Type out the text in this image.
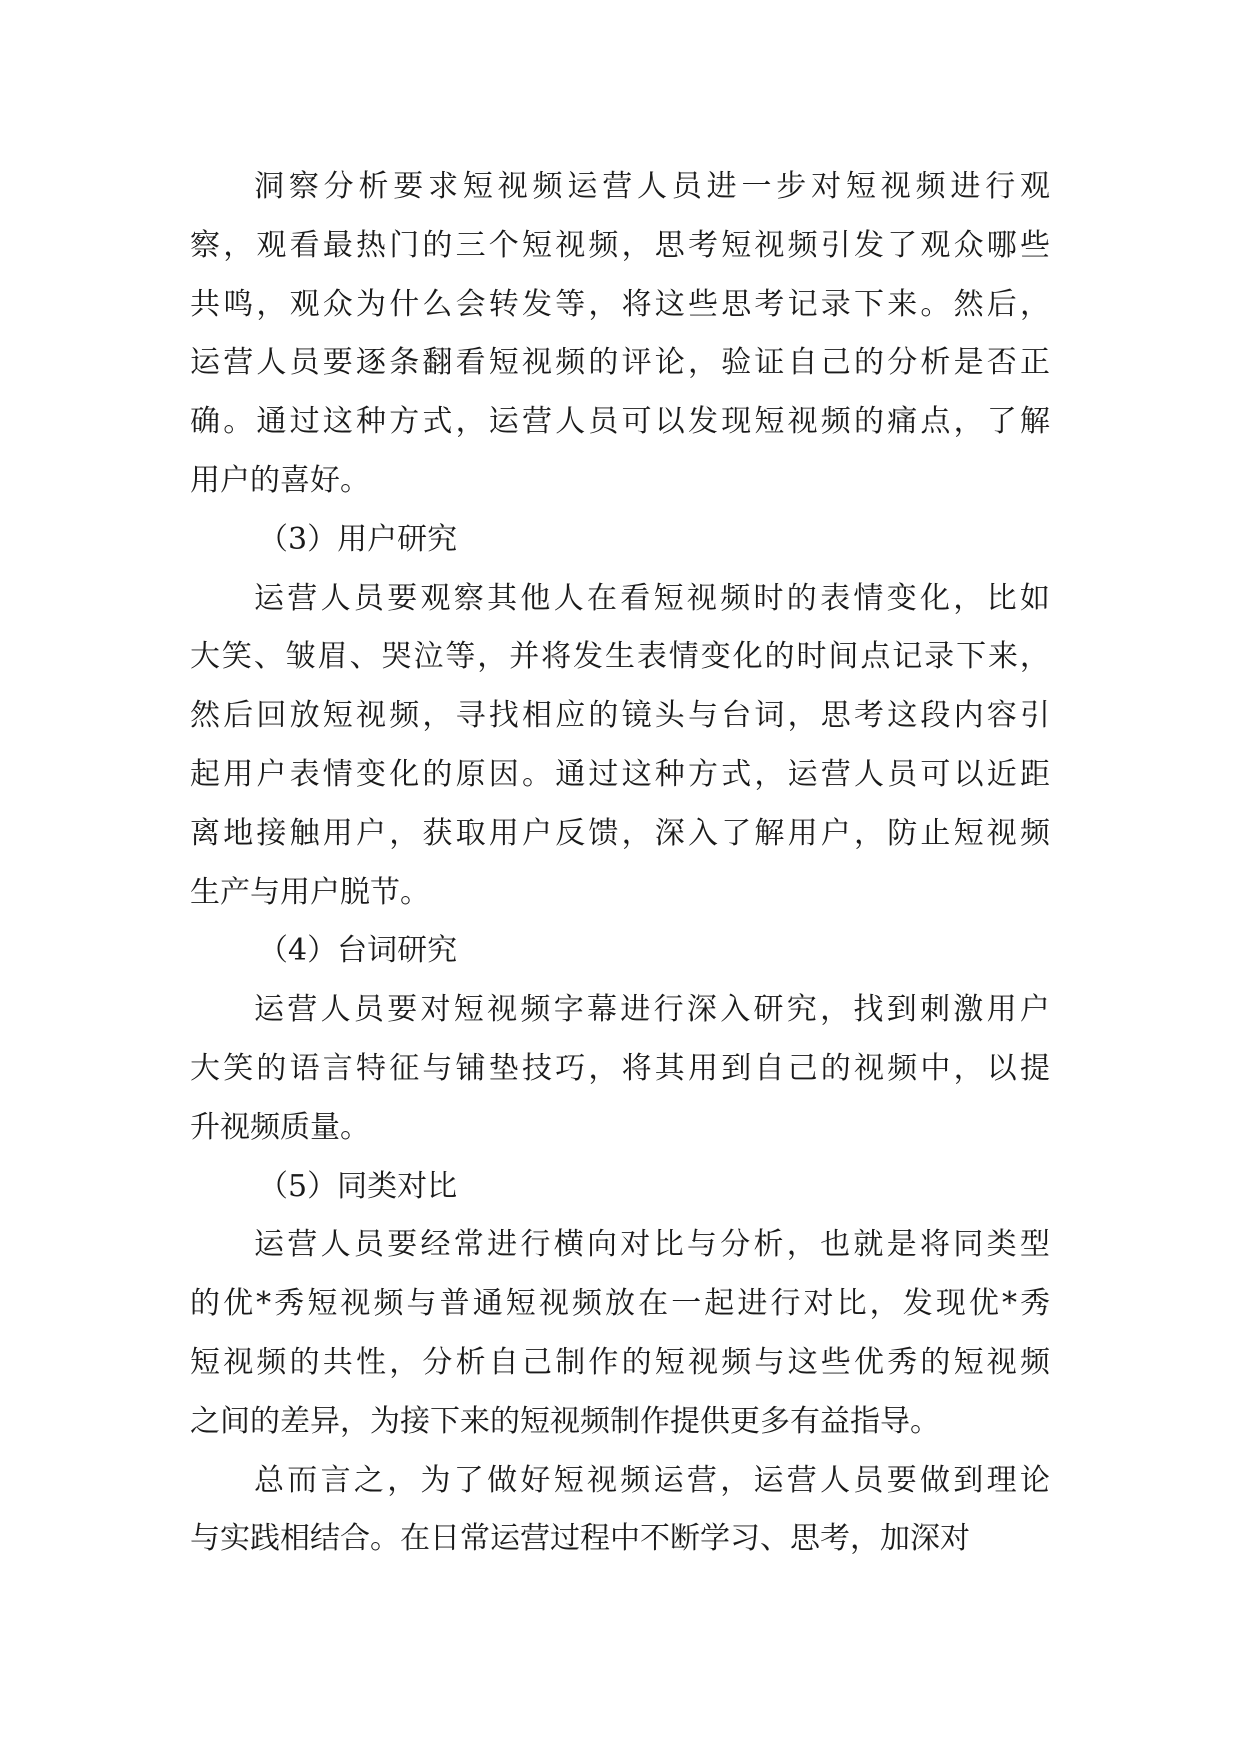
洞察分析要求短视频运营人员进一步对短视频进行观
察，观看最热门的三个短视频，思考短视频引发了观众哪些
共鸣，观众为什么会转发等，将这些思考记录下来。然后，
运营人员要逐条翻看短视频的评论，验证自己的分析是否正
确。通过这种方式，运营人员可以发现短视频的痛点，了解
用户的喜好。
（3）用户研究
运营人员要观察其他人在看短视频时的表情变化，比如
大笑、皱眉、哭泣等，并将发生表情变化的时间点记录下来，
然后回放短视频，寻找相应的镜头与台词，思考这段内容引
起用户表情变化的原因。通过这种方式，运营人员可以近距
离地接触用户，获取用户反馈，深入了解用户，防止短视频
生产与用户脱节。
（4）台词研究
运营人员要对短视频字幕进行深入研究，找到刺激用户
大笑的语言特征与铺垫技巧，将其用到自己的视频中，以提
升视频质量。
（5）同类对比
运营人员要经常进行横向对比与分析，也就是将同类型
的优*秀短视频与普通短视频放在一起进行对比，发现优*秀
短视频的共性，分析自己制作的短视频与这些优秀的短视频
之间的差异，为接下来的短视频制作提供更多有益指导。
总而言之，为了做好短视频运营，运营人员要做到理论
与实践相结合。在日常运营过程中不断学习、思考，加深对
